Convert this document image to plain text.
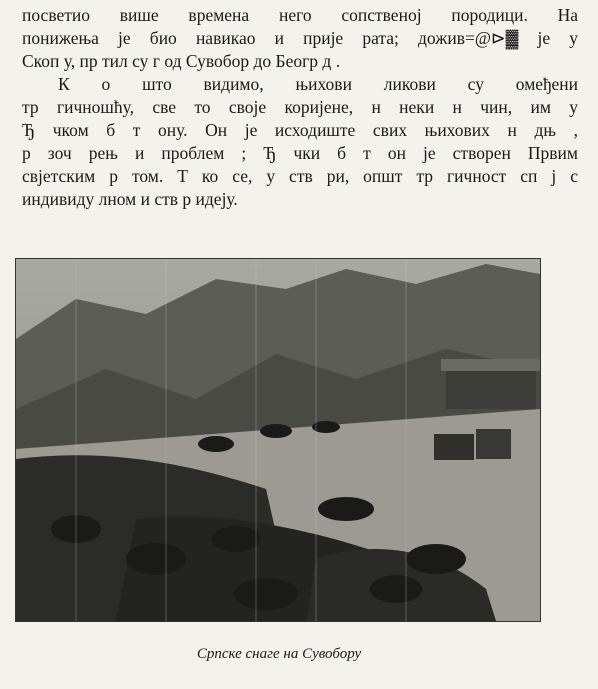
посветио више времена него сопственој породици. На
понижења је био навикао и прије рата; дожив=@⊳▓ је у
Скоп у, пр тил су г од Сувобор до Беогр д .
К о што видимо, њихови ликови су омеђени
тр гичношћу, све то своје коријене, н неки н чин, им у
Ђ чком б т ону. Он је исходиште свих њихових н дњ ,
р зоч рењ и проблем ; Ђ чки б т он је створен Првим
свјетским р том. Т ко се, у ств ри, општ тр гичност сп ј с
индивиду лном и ств р идеју.
Српске снаге на Сувобору
